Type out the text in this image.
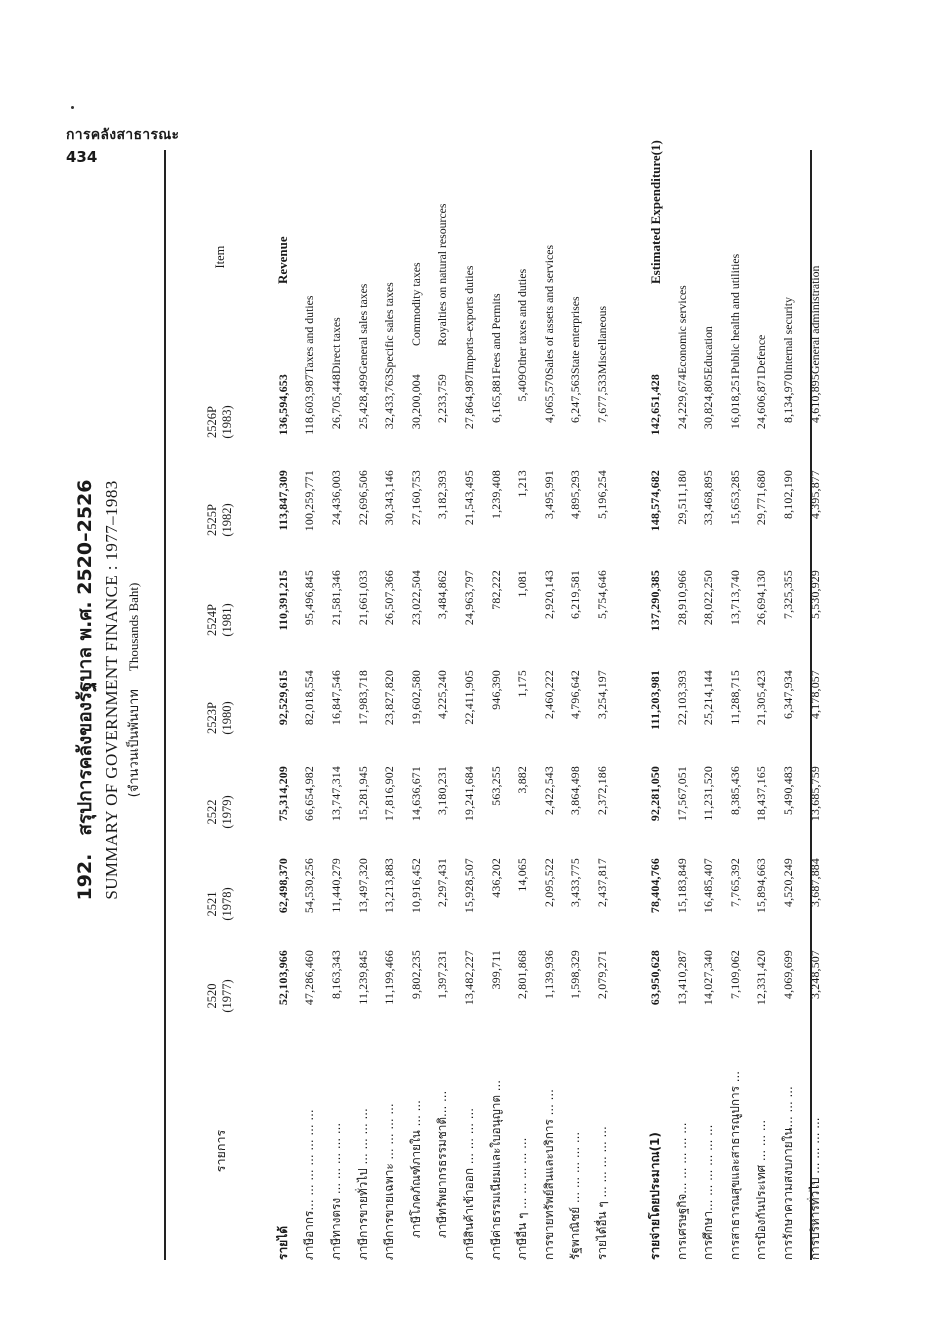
การคลังสาธารณะ
434
192.สรุปการคลังของรัฐบาล พ.ศ. 2520–2526 SUMMARY OF GOVERNMENT FINANCE : 1977–1983 (จำนวนเป็นพันบาทThousands Baht)
รายการ	2520 (1977)	2521 (1978)	2522 (1979)	2523P (1980)	2524P (1981)	2525P (1982)	2526P (1983)	Item
รายได้	52,103,966	62,498,370	75,314,209	92,529,615	110,391,215	113,847,309	136,594,653	Revenue
ภาษีอากร... ... ... ... ... ... ...	47,286,460	54,530,256	66,654,982	82,018,554	95,496,845	100,259,771	118,603,987	Taxes and duties
ภาษีทางตรง ... ... ... ... ...	8,163,343	11,440,279	13,747,314	16,847,546	21,581,346	24,436,003	26,705,448	Direct taxes
ภาษีการขายทั่วไป ... ... ... ...	11,239,845	13,497,320	15,281,945	17,983,718	21,661,033	22,696,506	25,428,499	General sales taxes
ภาษีการขายเฉพาะ ... ... ... ...	11,199,466	13,213,883	17,816,902	23,827,820	26,507,366	30,343,146	32,433,763	Specific sales taxes
ภาษีโภคภัณฑ์ภายใน ... ...	9,802,235	10,916,452	14,636,671	19,602,580	23,022,504	27,160,753	30,200,004	Commodity taxes
ภาษีทรัพยากรธรรมชาติ... ...	1,397,231	2,297,431	3,180,231	4,225,240	3,484,862	3,182,393	2,233,759	Royalties on natural resources
ภาษีสินค้าเข้าออก ... ... ... ...	13,482,227	15,928,507	19,241,684	22,411,905	24,963,797	21,543,495	27,864,987	Imports–exports duties
ภาษีค่าธรรมเนียมและใบอนุญาต ...	399,711	436,202	563,255	946,390	782,222	1,239,408	6,165,881	Fees and Permits
ภาษีอื่น ๆ ... ... ... ... ...	2,801,868	14,065	3,882	1,175	1,081	1,213	5,409	Other taxes and duties
การขายทรัพย์สินและบริการ ... ...	1,139,936	2,095,522	2,422,543	2,460,222	2,920,143	3,495,991	4,065,570	Sales of assets and services
รัฐพาณิชย์ ... ... ... ... ...	1,598,329	3,433,775	3,864,498	4,796,642	6,219,581	4,895,293	6,247,563	State enterprises
รายได้อื่น ๆ ... ... ... ... ...	2,079,271	2,437,817	2,372,186	3,254,197	5,754,646	5,196,254	7,677,533	Miscellaneous

รายจ่ายโดยประมาณ(1)	63,950,628	78,404,766	92,281,050	111,203,981	137,290,385	148,574,682	142,651,428	Estimated Expenditure(1)
การเศรษฐกิจ... ... ... ... ...	13,410,287	15,183,849	17,567,051	22,103,393	28,910,966	29,511,180	24,229,674	Economic services
การศึกษา... ... ... ... ... ...	14,027,340	16,485,407	11,231,520	25,214,144	28,022,250	33,468,895	30,824,805	Education
การสาธารณสุขและสาธารณูปการ ...	7,109,062	7,765,392	8,385,436	11,288,715	13,713,740	15,653,285	16,018,251	Public health and utilities
การป้องกันประเทศ ... ... ...	12,331,420	15,894,663	18,437,165	21,305,423	26,694,130	29,771,680	24,606,871	Defence
การรักษาความสงบภายใน... ... ...	4,069,699	4,520,249	5,490,483	6,347,934	7,325,355	8,102,190	8,134,970	Internal security
การบริหารทั่วไป ... ... ... ...	3,248,507	3,687,884	13,685,759	4,178,057	5,530,929	4,395,877	4,610,895	General administration
